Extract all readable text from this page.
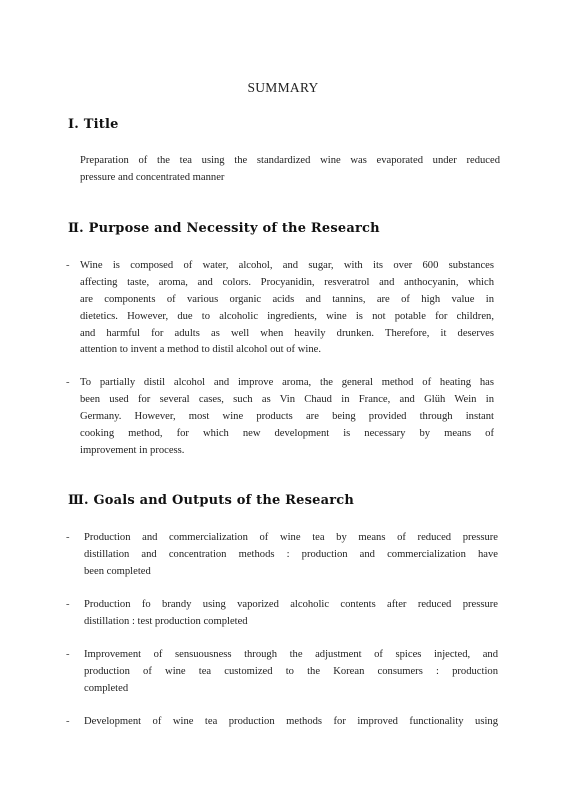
SUMMARY
Ⅰ. Title
Preparation of the tea using the standardized wine was evaporated under reduced
pressure and concentrated manner
Ⅱ. Purpose and Necessity of the Research
- Wine is composed of water, alcohol, and sugar, with its over 600 substances
affecting taste, aroma, and colors. Procyanidin, resveratrol and anthocyanin, which
are components of various organic acids and tannins, are of high value in
dietetics. However, due to alcoholic ingredients, wine is not potable for children,
and harmful for adults as well when heavily drunken. Therefore, it deserves
attention to invent a method to distil alcohol out of wine.
- To partially distil alcohol and improve aroma, the general method of heating has
been used for several cases, such as Vin Chaud in France, and Glüh Wein in
Germany. However, most wine products are being provided through instant
cooking method, for which new development is necessary by means of
improvement in process.
Ⅲ. Goals and Outputs of the Research
- Production and commercialization of wine tea by means of reduced pressure
distillation and concentration methods : production and commercialization have
been completed
- Production fo brandy using vaporized alcoholic contents after reduced pressure
distillation : test production completed
- Improvement of sensuousness through the adjustment of spices injected, and
production of wine tea customized to the Korean consumers : production
completed
- Development of wine tea production methods for improved functionality using
